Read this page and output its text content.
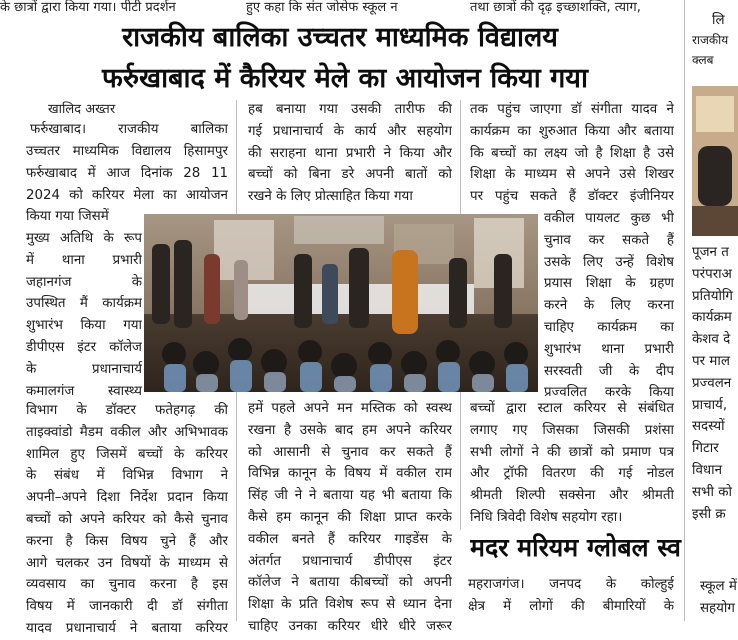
के छात्रों द्वारा किया गया। पीटी प्रदर्शन	हुए कहा कि संत जोसेफ स्कूल न	तथा छात्रों की दृढ़ इच्छाशक्ति, त्याग,
राजकीय बालिका उच्चतर माध्यमिक विद्यालय
फर्रुखाबाद में कैरियर मेले का आयोजन किया गया
खालिद अख्तर

फर्रुखाबाद। राजकीय बालिका

उच्चतर माध्यमिक विद्यालय हिसामपुर

फर्रुखाबाद में आज दिनांक 28 11

2024 को करियर मेला का आयोजन

किया गया जिसमें

मुख्य अतिथि के रूप

में थाना प्रभारी

जहानगंज के

उपस्थित मैं कार्यक्रम

शुभारंभ किया गया

डीपीएस इंटर कॉलेज

के प्रधानाचार्य

कमालगंज स्वास्थ्य

विभाग के डॉक्टर फतेहगढ़ की

ताइक्वांडो मैडम वकील और अभिभावक

शामिल हुए जिसमें बच्चों के करियर

के संबंध में विभिन्न विभाग ने

अपनी–अपने दिशा निर्देश प्रदान किया

बच्चों को अपने करियर को कैसे चुनाव

करना है किस विषय चुने हैं और

आगे चलकर उन विषयों के माध्यम से

व्यवसाय का चुनाव करना है इस

विषय में जानकारी दी डॉ संगीता

यादव प्रधानाचार्य ने बताया करियर

हब बनाया गया उसकी तारीफ की

गई प्रधानाचार्य के कार्य और सहयोग

की सराहना थाना प्रभारी ने किया और

बच्चों को बिना डरे अपनी बातों को

रखने के लिए प्रोत्साहित किया गया

हमें पहले अपने मन मस्तिक को स्वस्थ

रखना है उसके बाद हम अपने करियर

को आसानी से चुनाव कर सकते हैं

विभिन्न कानून के विषय में वकील राम

सिंह जी ने ने बताया यह भी बताया कि

कैसे हम कानून की शिक्षा प्राप्त करके

वकील बनते हैं करियर गाइडेंस के

अंतर्गत प्रधानाचार्य डीपीएस इंटर

कॉलेज ने बताया कीबच्चों को अपनी

शिक्षा के प्रति विशेष रूप से ध्यान देना

चाहिए उनका करियर धीरे धीरे जरूर

तक पहुंच जाएगा डॉ संगीता यादव ने

कार्यक्रम का शुरुआत किया और बताया

कि बच्चों का लक्ष्य जो है शिक्षा है उसे

शिक्षा के माध्यम से अपने उसे शिखर

पर पहुंच सकते हैं डॉक्टर इंजीनियर

वकील पायलट कुछ भी

चुनाव कर सकते हैं

उसके लिए उन्हें विशेष

प्रयास शिक्षा के ग्रहण

करने के लिए करना

चाहिए कार्यक्रम का

शुभारंभ थाना प्रभारी

सरस्वती जी के दीप

प्रज्वलित करके किया

बच्चों द्वारा स्टाल करियर से संबंधित

लगाए गए जिसका जिसकी प्रशंसा

सभी लोगों ने की छात्रों को प्रमाण पत्र

और ट्रॉफी वितरण की गई नोडल

श्रीमती शिल्पी सक्सेना और श्रीमती

निधि त्रिवेदी विशेष सहयोग रहा।

मदर मरियम ग्लोबल स्व

महराजगंज। जनपद के कोल्हुई

क्षेत्र में लोगों की बीमारियों के

लि

राजकीय

क्लब

पूजन त

परंपराअ

प्रतियोगि

कार्यक्रम

केशव दे

पर माल

प्रज्वलन

प्राचार्य,

सदस्यों

गिटार

विधान

सभी को

इसी क्र

स्कूल में

सहयोग
